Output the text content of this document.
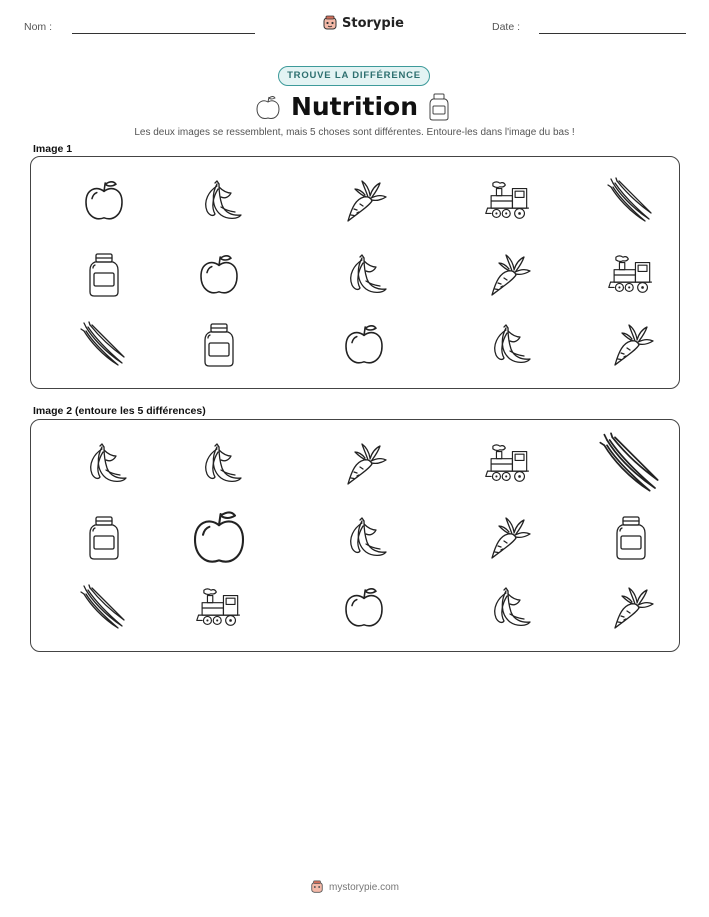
Nom :	Storypie	Date :
TROUVE LA DIFFÉRENCE
Nutrition
Les deux images se ressemblent, mais 5 choses sont différentes. Entoure-les dans l'image du bas !
Image 1
Image 2 (entoure les 5 différences)
mystorypie.com
